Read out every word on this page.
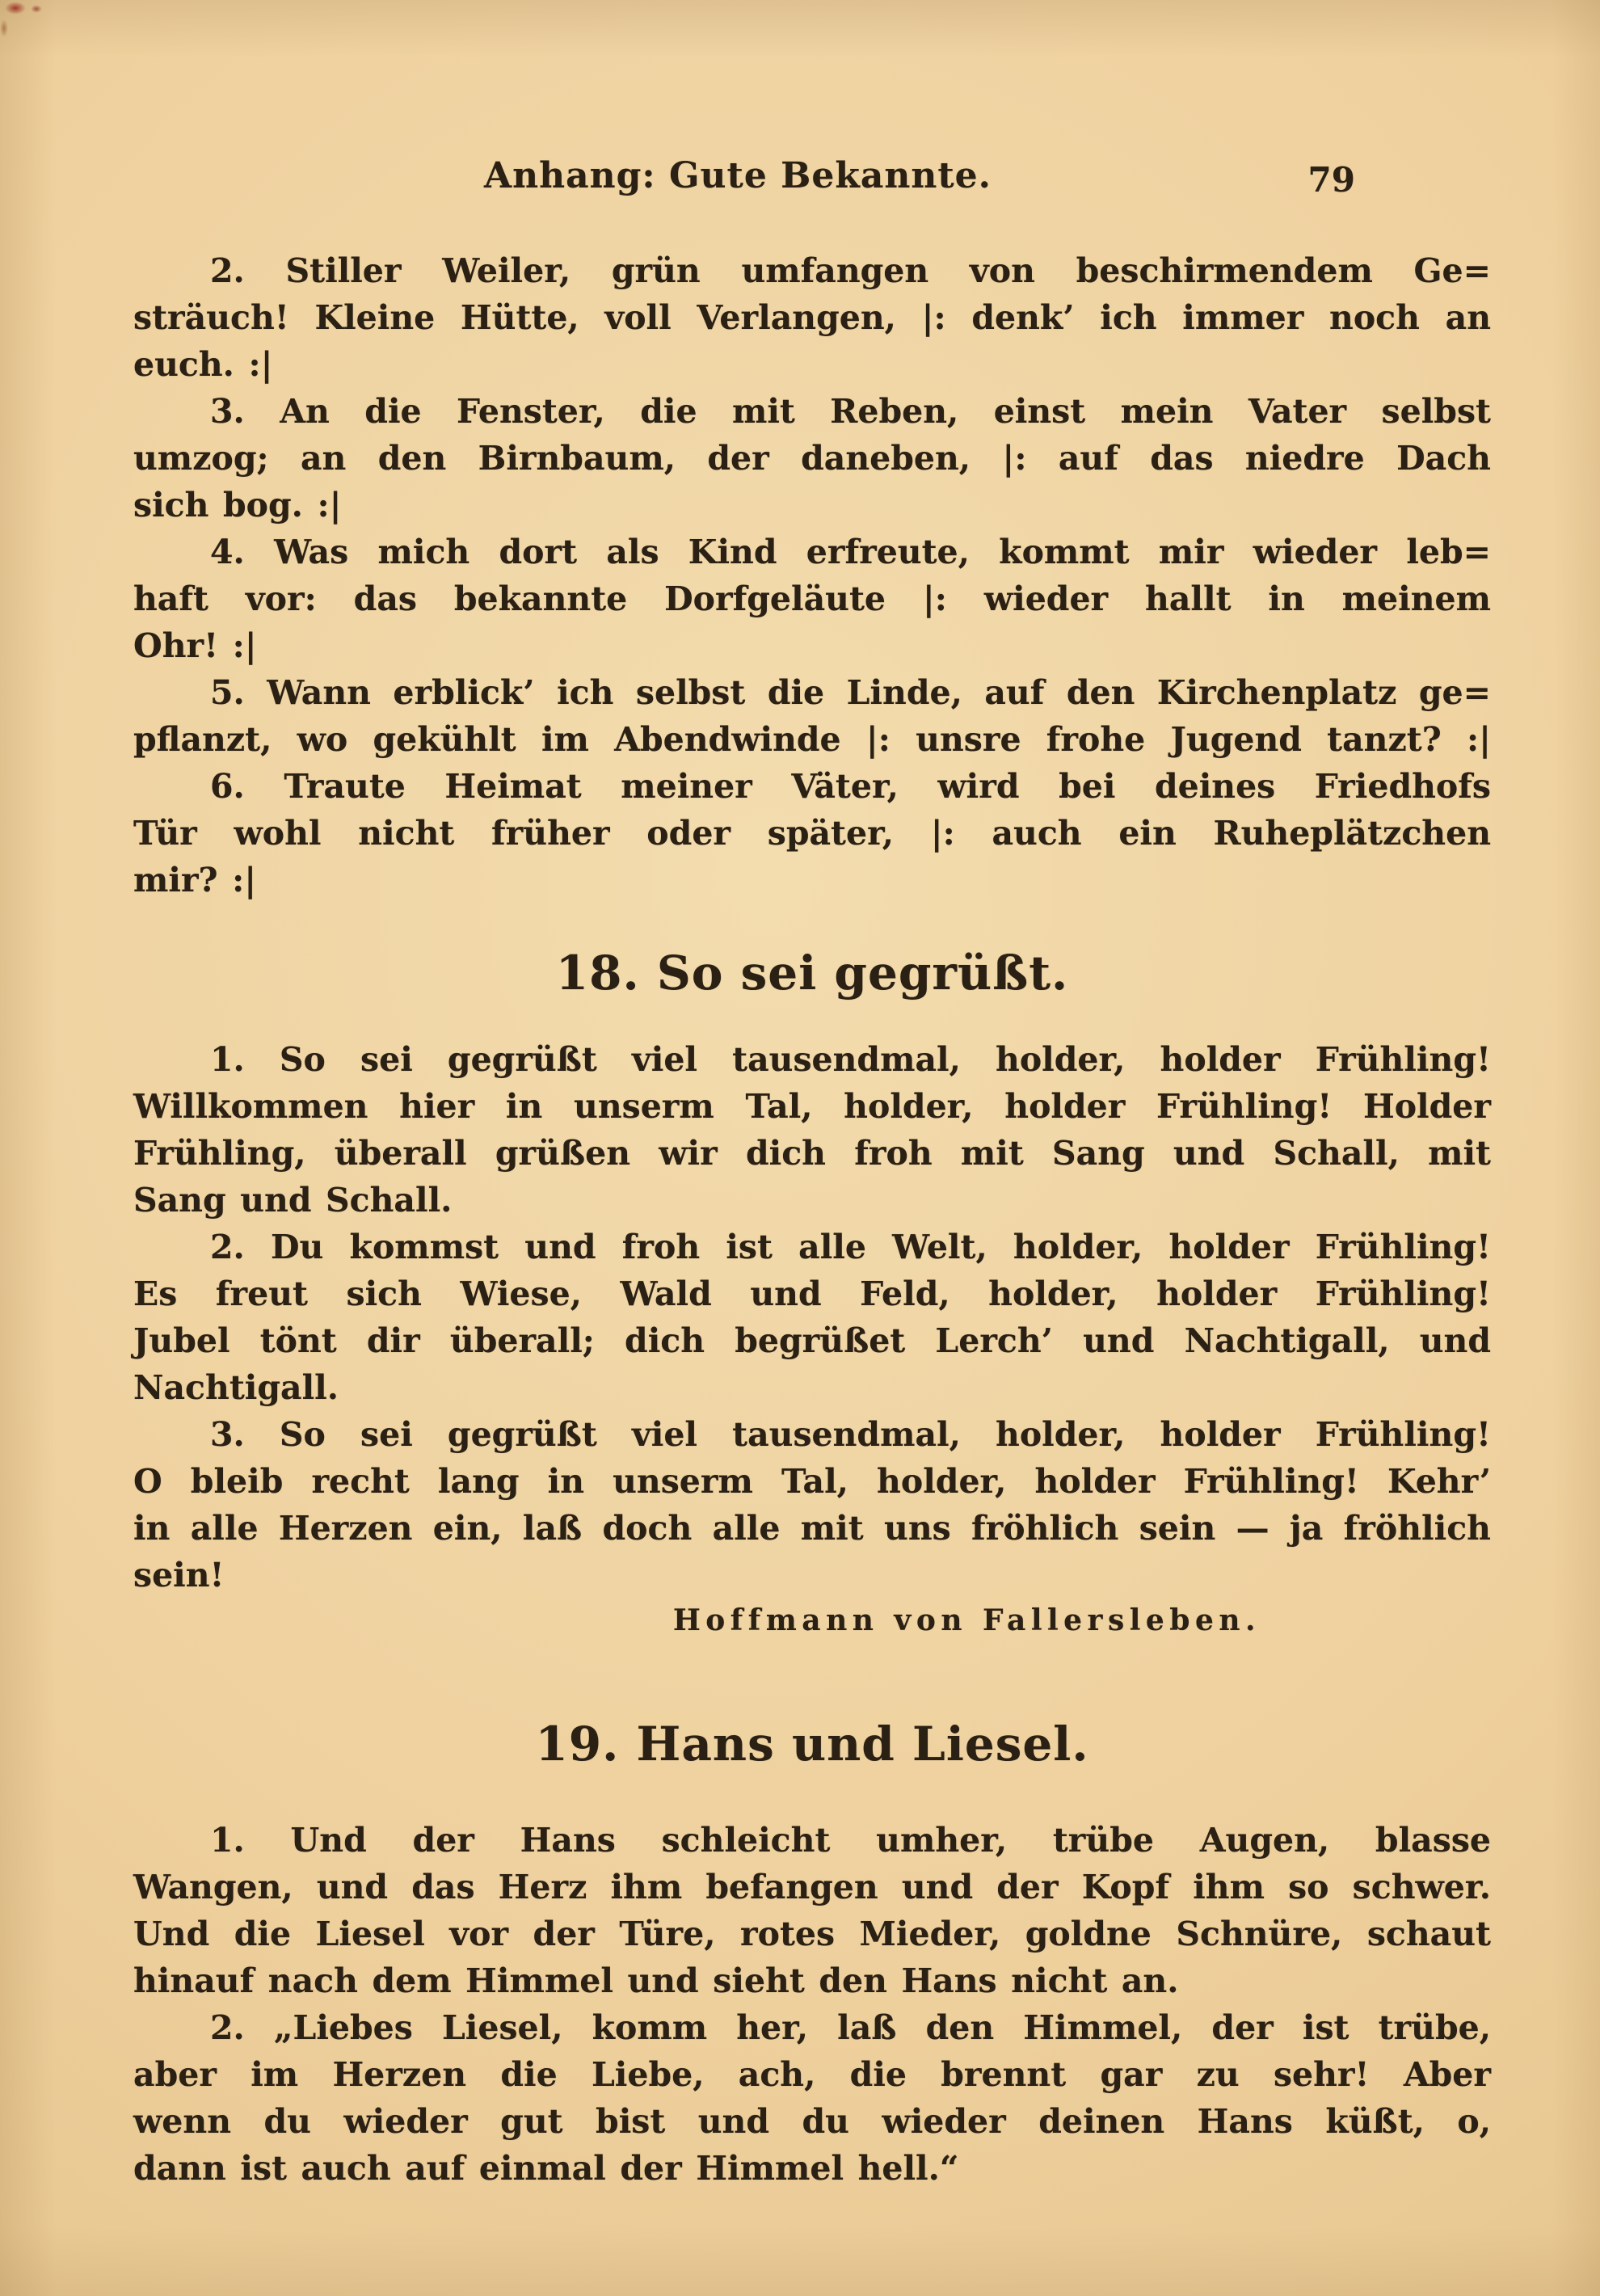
Anhang: Gute Bekannte.	79
2. Stiller Weiler, grün umfangen von beschirmendem Ge=
sträuch! Kleine Hütte, voll Verlangen, |: denk’ ich immer noch an
euch. :|
3. An die Fenster, die mit Reben, einst mein Vater selbst
umzog; an den Birnbaum, der daneben, |: auf das niedre Dach
sich bog. :|
4. Was mich dort als Kind erfreute, kommt mir wieder leb=
haft vor: das bekannte Dorfgeläute |: wieder hallt in meinem
Ohr! :|
5. Wann erblick’ ich selbst die Linde, auf den Kirchenplatz ge=
pflanzt, wo gekühlt im Abendwinde |: unsre frohe Jugend tanzt? :|
6. Traute Heimat meiner Väter, wird bei deines Friedhofs
Tür wohl nicht früher oder später, |: auch ein Ruheplätzchen
mir? :|
18. So sei gegrüßt.
1. So sei gegrüßt viel tausendmal, holder, holder Frühling!
Willkommen hier in unserm Tal, holder, holder Frühling! Holder
Frühling, überall grüßen wir dich froh mit Sang und Schall, mit
Sang und Schall.
2. Du kommst und froh ist alle Welt, holder, holder Frühling!
Es freut sich Wiese, Wald und Feld, holder, holder Frühling!
Jubel tönt dir überall; dich begrüßet Lerch’ und Nachtigall, und
Nachtigall.
3. So sei gegrüßt viel tausendmal, holder, holder Frühling!
O bleib recht lang in unserm Tal, holder, holder Frühling! Kehr’
in alle Herzen ein, laß doch alle mit uns fröhlich sein — ja fröhlich
sein!
Hoffmann von Fallersleben.
19. Hans und Liesel.
1. Und der Hans schleicht umher, trübe Augen, blasse
Wangen, und das Herz ihm befangen und der Kopf ihm so schwer.
Und die Liesel vor der Türe, rotes Mieder, goldne Schnüre, schaut
hinauf nach dem Himmel und sieht den Hans nicht an.
2. „Liebes Liesel, komm her, laß den Himmel, der ist trübe,
aber im Herzen die Liebe, ach, die brennt gar zu sehr! Aber
wenn du wieder gut bist und du wieder deinen Hans küßt, o,
dann ist auch auf einmal der Himmel hell.“
